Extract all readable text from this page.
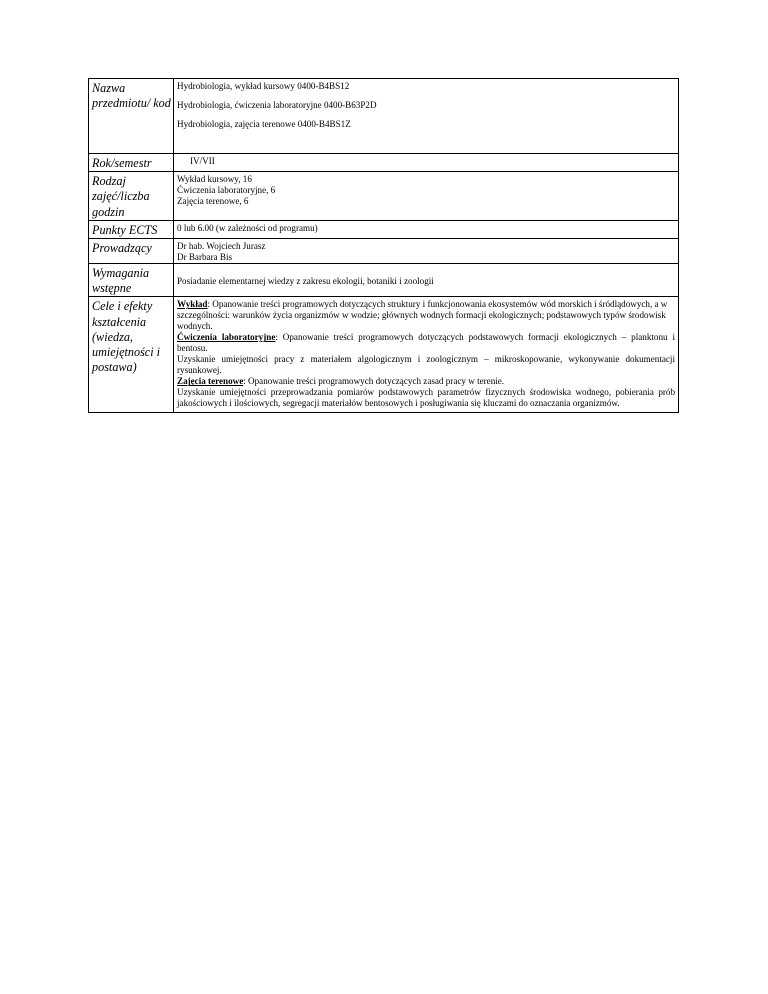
Nazwa przedmiotu/ kod	Hydrobiologia, wykład kursowy 0400-B4BS12

Hydrobiologia, ćwiczenia laboratoryjne 0400-B63P2D

Hydrobiologia, zajęcia terenowe 0400-B4BS1Z

Rok/semestr	IV/VII
Rodzaj zajęć/liczba godzin	Wykład kursowy, 16

Ćwiczenia laboratoryjne, 6

Zajęcia terenowe, 6

Punkty ECTS	0 lub 6.00 (w zależności od programu)
Prowadzący	Dr hab. Wojciech Jurasz

Dr Barbara Bis

Wymagania wstępne	Posiadanie elementarnej wiedzy z zakresu ekologii, botaniki i zoologii
Cele i efekty kształcenia (wiedza, umiejętności i postawa)	Wykład: Opanowanie treści programowych dotyczących struktury i funkcjonowania ekosystemów wód morskich i śródlądowych, a w szczególności: warunków życia organizmów w wodzie; głównych wodnych formacji ekologicznych; podstawowych typów środowisk wodnych.

Ćwiczenia laboratoryjne: Opanowanie treści programowych dotyczących podstawowych formacji ekologicznych – planktonu i bentosu.

Uzyskanie umiejętności pracy z materiałem algologicznym i zoologicznym – mikroskopowanie, wykonywanie dokumentacji rysunkowej.

Zajęcia terenowe: Opanowanie treści programowych dotyczących zasad pracy w terenie.

Uzyskanie umiejętności przeprowadzania pomiarów podstawowych parametrów fizycznych środowiska wodnego, pobierania prób jakościowych i ilościowych, segregacji materiałów bentosowych i posługiwania się kluczami do oznaczania organizmów.
